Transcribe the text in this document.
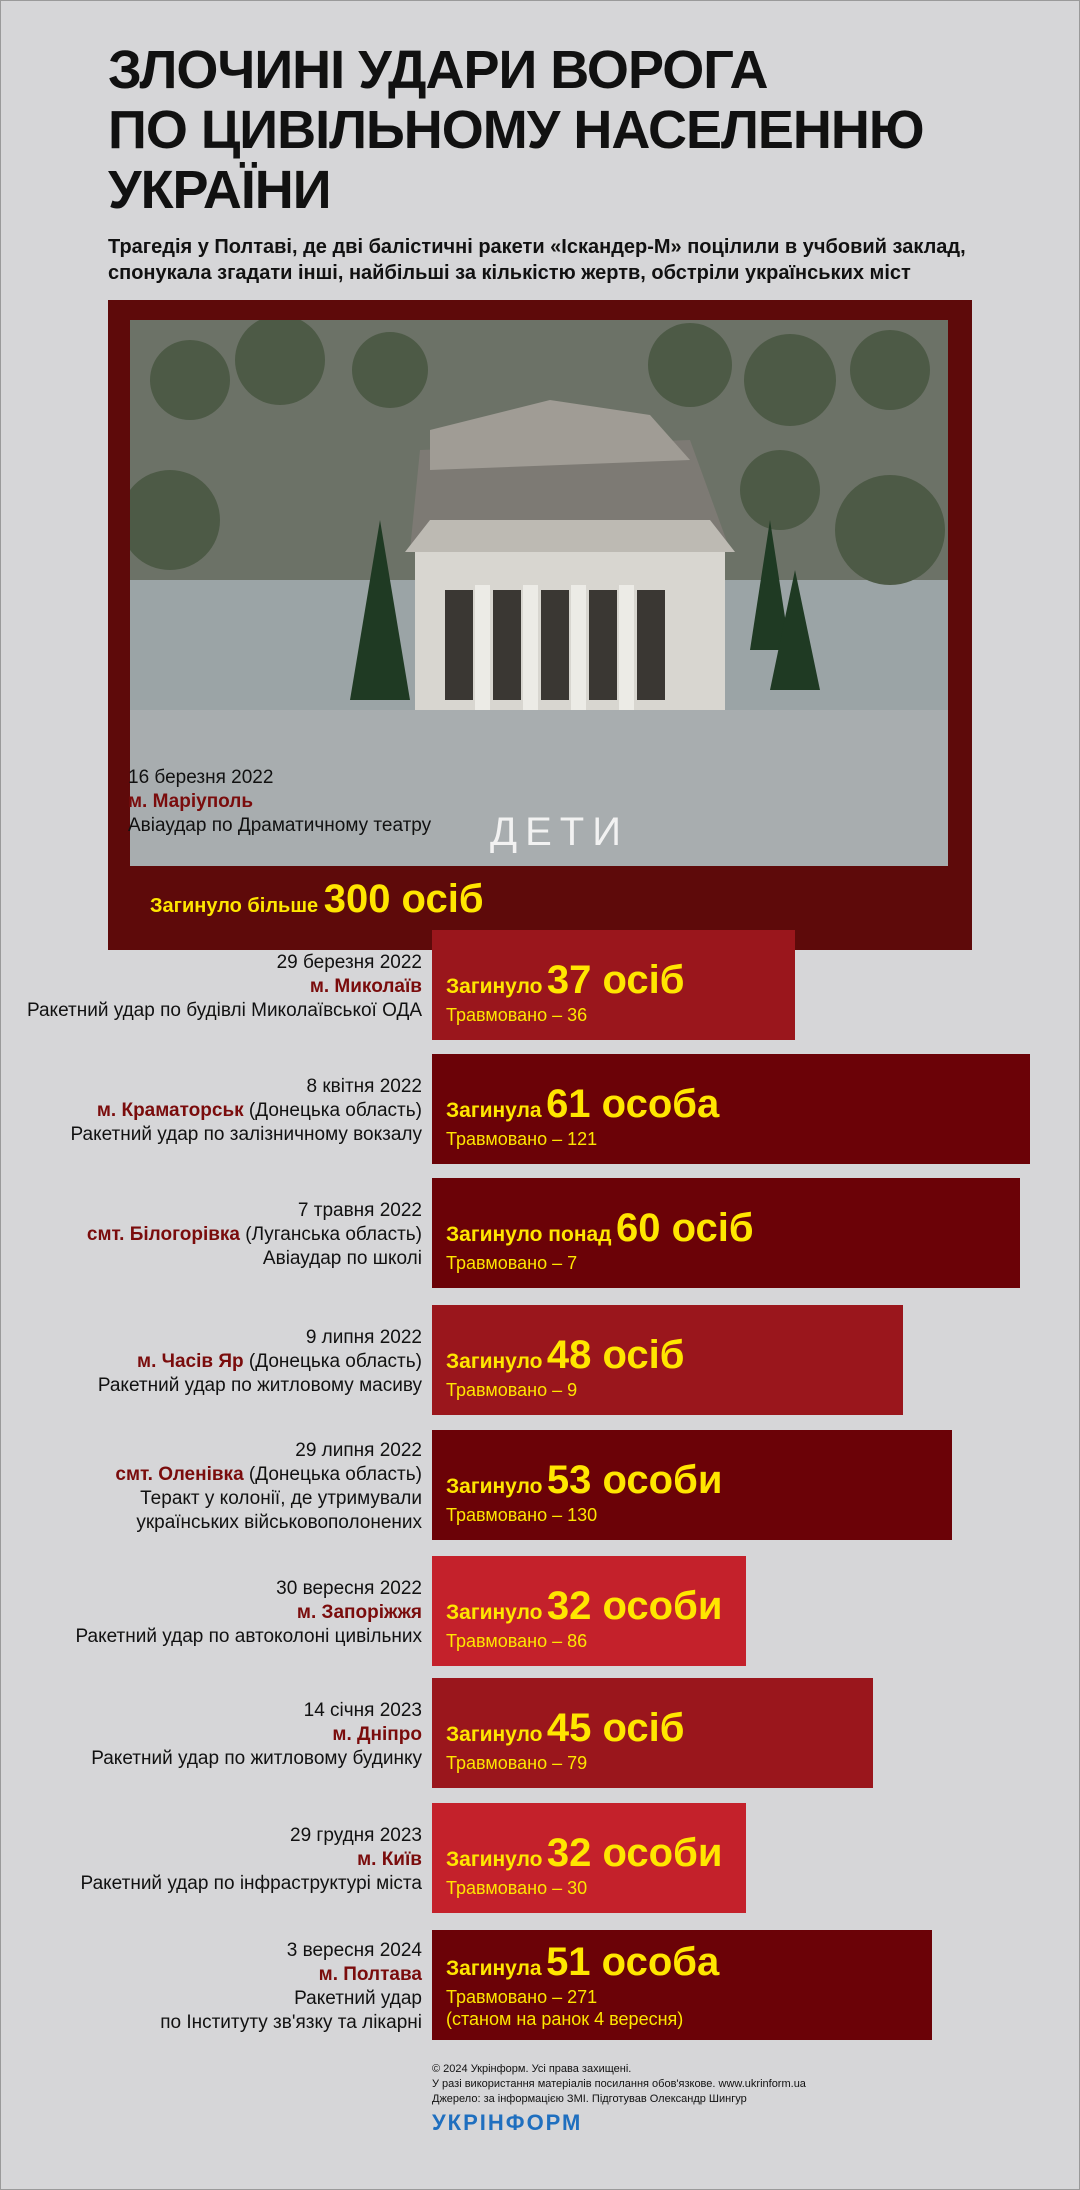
ЗЛОЧИНІ УДАРИ ВОРОГА
ПО ЦИВІЛЬНОМУ НАСЕЛЕННЮ
УКРАЇНИ
Трагедія у Полтаві, де дві балістичні ракети «Іскандер-М» поцілили в учбовий заклад,
спонукала згадати інші, найбільші за кількістю жертв, обстріли українських міст
ДЕТИ
16 березня 2022
м. Маріуполь
Авіаудар по Драматичному театру
Загинуло більше 300 осіб
29 березня 2022
м. Миколаїв
Ракетний удар по будівлі Миколаївської ОДА
Загинуло 37 осіб
Травмовано – 36
8 квітня 2022
м. Краматорськ (Донецька область)
Ракетний удар по залізничному вокзалу
Загинула 61 особа
Травмовано – 121
7 травня 2022
смт. Білогорівка (Луганська область)
Авіаудар по школі
Загинуло понад 60 осіб
Травмовано – 7
9 липня 2022
м. Часів Яр (Донецька область)
Ракетний удар по житловому масиву
Загинуло 48 осіб
Травмовано – 9
29 липня 2022
смт. Оленівка (Донецька область)
Теракт у колонії, де утримували
українських військовополонених
Загинуло 53 особи
Травмовано – 130
30 вересня 2022
м. Запоріжжя
Ракетний удар по автоколоні цивільних
Загинуло 32 особи
Травмовано – 86
14 січня 2023
м. Дніпро
Ракетний удар по житловому будинку
Загинуло 45 осіб
Травмовано – 79
29 грудня 2023
м. Київ
Ракетний удар по інфраструктурі міста
Загинуло 32 особи
Травмовано – 30
3 вересня 2024
м. Полтава
Ракетний удар
по Інституту зв'язку та лікарні
Загинула 51 особа
Травмовано – 271
(станом на ранок 4 вересня)
© 2024 Укрінформ. Усі права захищені.
У разі використання матеріалів посилання обов'язкове. www.ukrinform.ua
Джерело: за інформацією ЗМІ. Підготував Олександр Шингур
УКРІНФОРМ
